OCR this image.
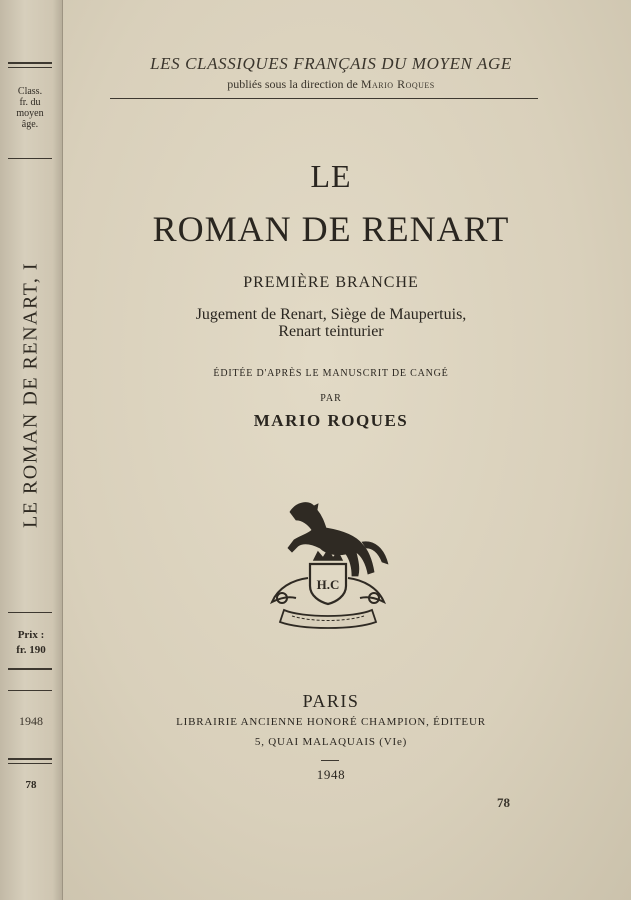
Class.
fr. du
moyen
âge.
LE ROMAN DE RENART, I
Prix :
fr. 190
1948
78
LES CLASSIQUES FRANÇAIS DU MOYEN AGE
publiés sous la direction de Mario Roques
LE
ROMAN DE RENART
PREMIÈRE BRANCHE
Jugement de Renart, Siège de Maupertuis,
Renart teinturier
ÉDITÉE D'APRÈS LE MANUSCRIT DE CANGÉ
PAR
MARIO ROQUES
H.C
PARIS
LIBRAIRIE ANCIENNE HONORÉ CHAMPION, ÉDITEUR
5, QUAI MALAQUAIS (VIe)
1948
78
